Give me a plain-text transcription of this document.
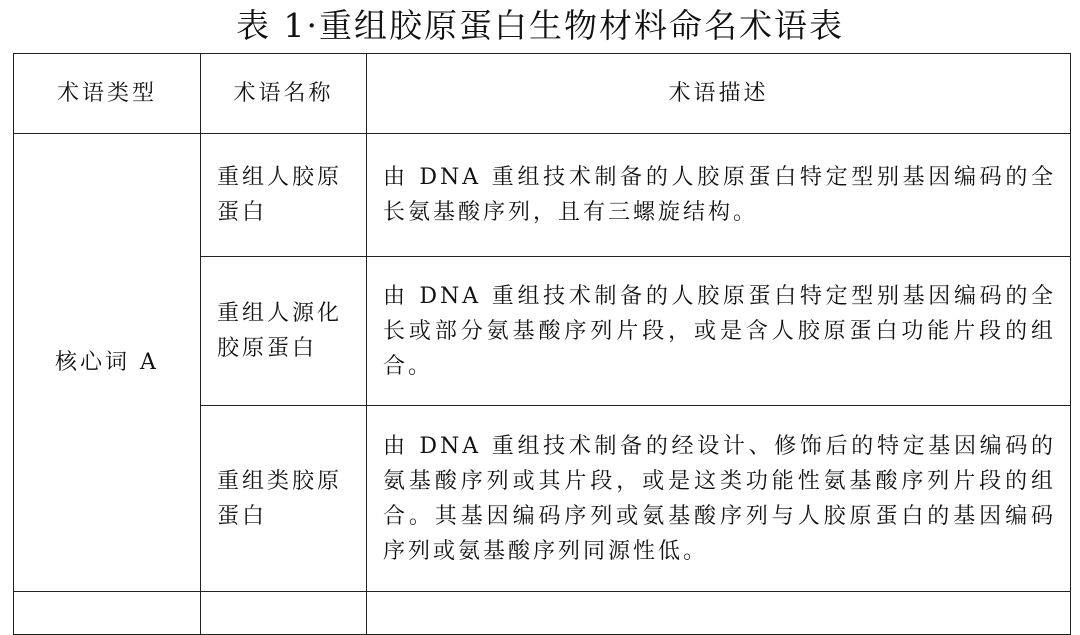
表 1·重组胶原蛋白生物材料命名术语表
术语类型	术语名称	术语描述
核心词 A	重组人胶原蛋白	由 DNA 重组技术制备的人胶原蛋白特定型别基因编码的全长氨基酸序列，且有三螺旋结构。
	重组人源化胶原蛋白	由 DNA 重组技术制备的人胶原蛋白特定型别基因编码的全长或部分氨基酸序列片段，或是含人胶原蛋白功能片段的组合。
	重组类胶原蛋白	由 DNA 重组技术制备的经设计、修饰后的特定基因编码的氨基酸序列或其片段，或是这类功能性氨基酸序列片段的组合。其基因编码序列或氨基酸序列与人胶原蛋白的基因编码序列或氨基酸序列同源性低。
